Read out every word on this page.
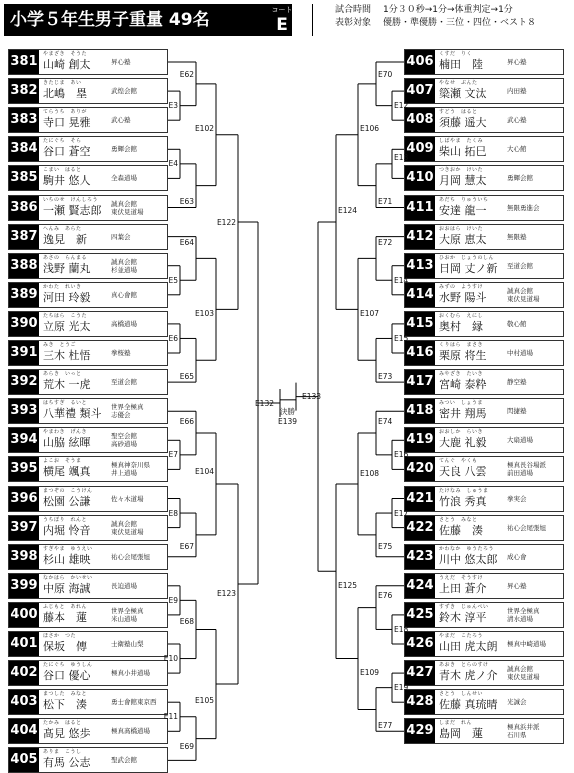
小学５年生男子重量 49名	コート
E
試合時間 1分３０秒→1分→体重判定→1分
表彰対象 優勝・準優勝・三位・四位・ベスト８
381 やまざき　そうた
山崎 創太	昇心塾
382 きたじま　あい
北嶋　塁	武煌会館
383 てらうち　ありが
寺口 晃雅	武心塾
384 たにぐち　そら
谷口 蒼空	勇輝会館
385 こまい　はると
駒井 悠人	全森道場
386 いちのせ　けんしろう
一瀬 賢志郎 誠真会館
東伏見道場
387 へんみ　あらた
逸見　新	四葉会
388 あさの　らんまる
浅野 蘭丸	誠真会館
杉並道場
389 かわた　れいき
河田 玲毅	真心會館
390 たちはら　こうた
立原 光太	高橋道場
391 みき　とうご
三木 杜悟	拳桜塾
392 あらき　いっと
荒木 一虎	至道会館
393 はちすぎ　るいと
八華禮 類斗 世界全極真
志優会
394 やまわき　げんき
山脇 絃暉	聖空会館
高砂道場
395 よこお　そうま
横尾 颯真	極真神奈川県
井上道場
396 まつぞの　こうけん
松園 公謙	佐々木道場
397 うちぼり　れんと
内堀 怜音	誠真会館
東伏見道場
398 すぎやま　ゆうえい
杉山 雄映	祐心会尾張旭
399 なかはら　かいせい
中原 海誠	長迫道場
400 ふじもと　あれん
藤本　蓮	世界全極真
米山道場
401 ほさか　つた
保坂　傳	士衛塾山梨
402 たにぐち　ゆうしん
谷口 優心	極真小井道場
403 まつした　みなと
松下　湊	勇士會館東京西
404 たかみ　はると
髙見 悠歩	極真髙橋道場
405 ありま　こうし
有馬 公志	聖武会館
406 くすだ　りく
楠田　陸	昇心塾
407 やなせ　ぶんた
簗瀬 文汰	内田塾
408 すどう　はると
須藤 遥大	武心塾
409 しばやま　たくみ
柴山 拓巳	大心館
410 つきおか　けいた
月岡 慧太	勇輝会館
411 あだち　りゅういち
安達 龍一	無限勇進会
412 おおはら　けいた
大原 恵太	無限塾
413 ひおか　じょうのしん
日岡 丈ノ新 至道会館
414 みずの　ようすけ
水野 陽斗	誠真会館
東伏見道場
415 おくむら　えにし
奥村　縁	敬心館
416 くりはら　まさき
栗原 将生	中村道場
417 みやざき　たいき
宮崎 泰粋	静空塾
418 みつい　しょうま
密井 翔馬	閃捷塾
419 おおしか　らいき
大鹿 礼毅	大扇道場
420 てんぐ　やくも
天良 八雲	極真長谷場派
前田道場
421 たけなみ　しゅうま
竹浪 秀真	拳実会
422 さとう　みなと
佐藤　湊	祐心会尾張旭
423 かわなか　ゆうたろう
川中 悠太郎 成心會
424 うえだ　そうすけ
上田 蒼介	昇心塾
425 すずき　じゅんぺい
鈴木 淳平	世界全極真
清水道場
426 やまだ　こたろう
山田 虎太朗 極真中崎道場
427 あおき　とらのすけ
青木 虎ノ介 誠真会館
東伏見道場
428 さとう　しんせい
佐藤 真琉晴 光誠会
429 しまだ　れん
島岡　蓮	極真浜井派
石川県
E3
E62
E4
E63
E102
E5
E64
E6
E65
E103
E122
E7
E66
E8
E67
E104
E9
E10
E68
E11
E69
E105
E123
E132
E12
E70
E13
E71
E106
E14
E72
E15
E73
E107
E124
E16
E74
E17
E75
E108
E18
E76
E19
E77
E109
E125
E133
決勝
E139
